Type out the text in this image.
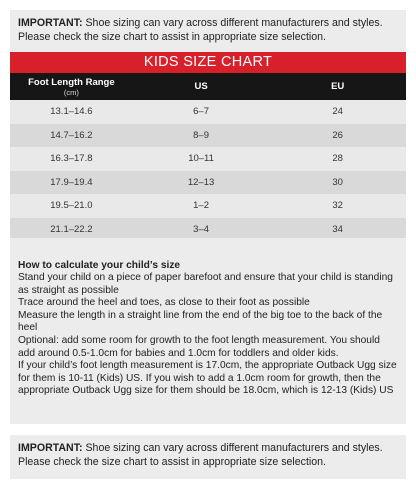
IMPORTANT: Shoe sizing can vary across different manufacturers and styles. Please check the size chart to assist in appropriate size selection.
KIDS SIZE CHART
Foot Length Range
(cm)	US	EU
13.1–14.6	6–7	24
14.7–16.2	8–9	26
16.3–17.8	10–11	28
17.9–19.4	12–13	30
19.5–21.0	1–2	32
21.1–22.2	3–4	34
How to calculate your child’s size

Stand your child on a piece of paper barefoot and ensure that your child is standing as straight as possible

Trace around the heel and toes, as close to their foot as possible

Measure the length in a straight line from the end of the big toe to the back of the heel

Optional: add some room for growth to the foot length measurement. You should add around 0.5-1.0cm for babies and 1.0cm for toddlers and older kids.

If your child’s foot length measurement is 17.0cm, the appropriate Outback Ugg size for them is 10-11 (Kids) US. If you wish to add a 1.0cm room for growth, then the appropriate Outback Ugg size for them should be 18.0cm, which is 12-13 (Kids) US

IMPORTANT: Shoe sizing can vary across different manufacturers and styles. Please check the size chart to assist in appropriate size selection.
